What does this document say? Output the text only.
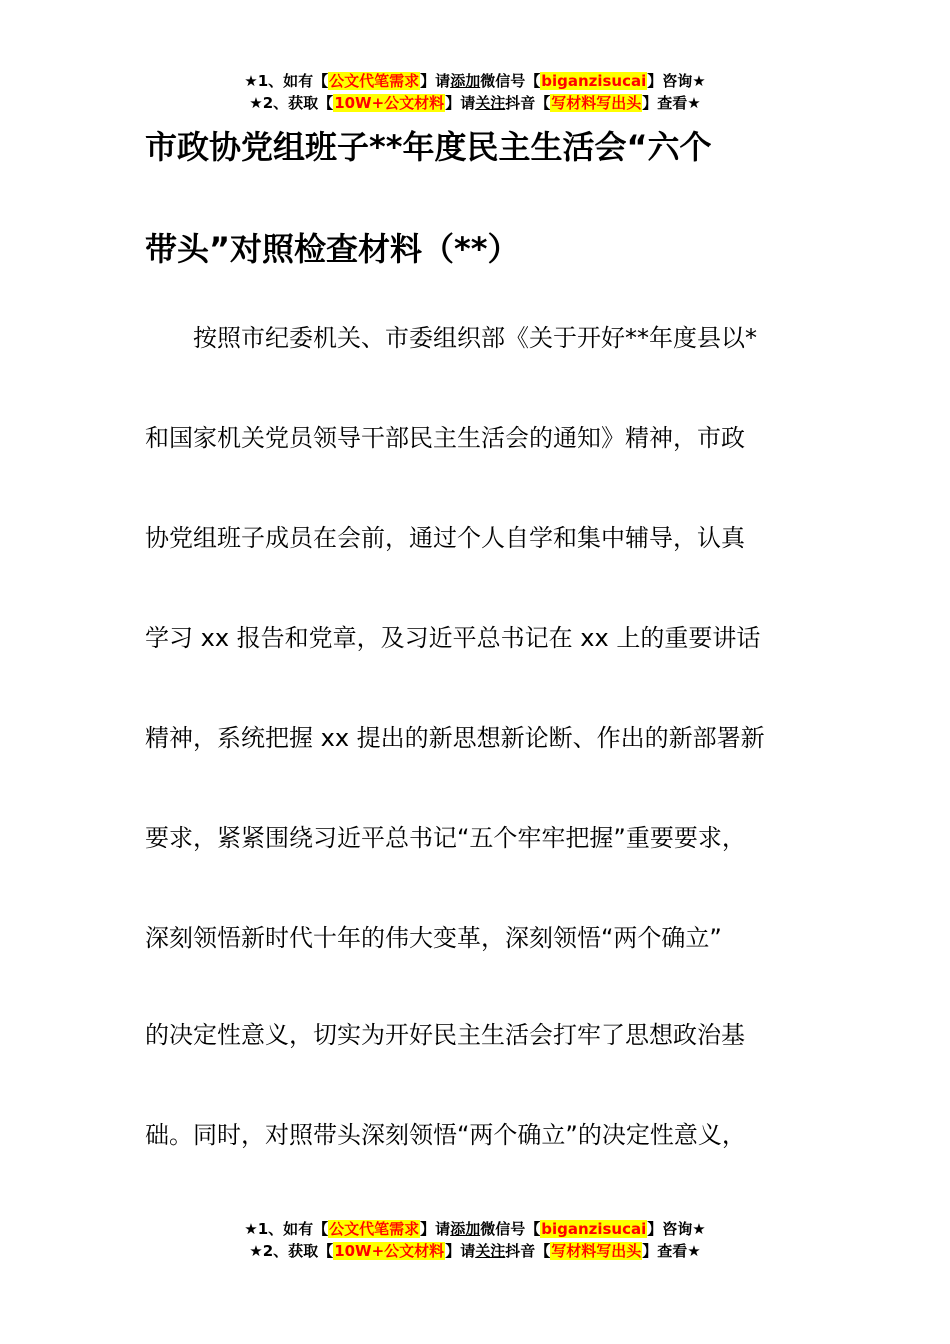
★1、如有【公文代笔需求】请添加微信号【biganzisucai】咨询★
★2、获取【10W+公文材料】请关注抖音【写材料写出头】查看★
市政协党组班子**年度民主生活会“六个
带头”对照检查材料（**）
　　按照市纪委机关、市委组织部《关于开好**年度县以*
和国家机关党员领导干部民主生活会的通知》精神，市政
协党组班子成员在会前，通过个人自学和集中辅导，认真
学习 xx 报告和党章，及习近平总书记在 xx 上的重要讲话
精神，系统把握 xx 提出的新思想新论断、作出的新部署新
要求，紧紧围绕习近平总书记“五个牢牢把握”重要要求，
深刻领悟新时代十年的伟大变革，深刻领悟“两个确立”
的决定性意义，切实为开好民主生活会打牢了思想政治基
础。同时，对照带头深刻领悟“两个确立”的决定性意义，
★1、如有【公文代笔需求】请添加微信号【biganzisucai】咨询★
★2、获取【10W+公文材料】请关注抖音【写材料写出头】查看★
